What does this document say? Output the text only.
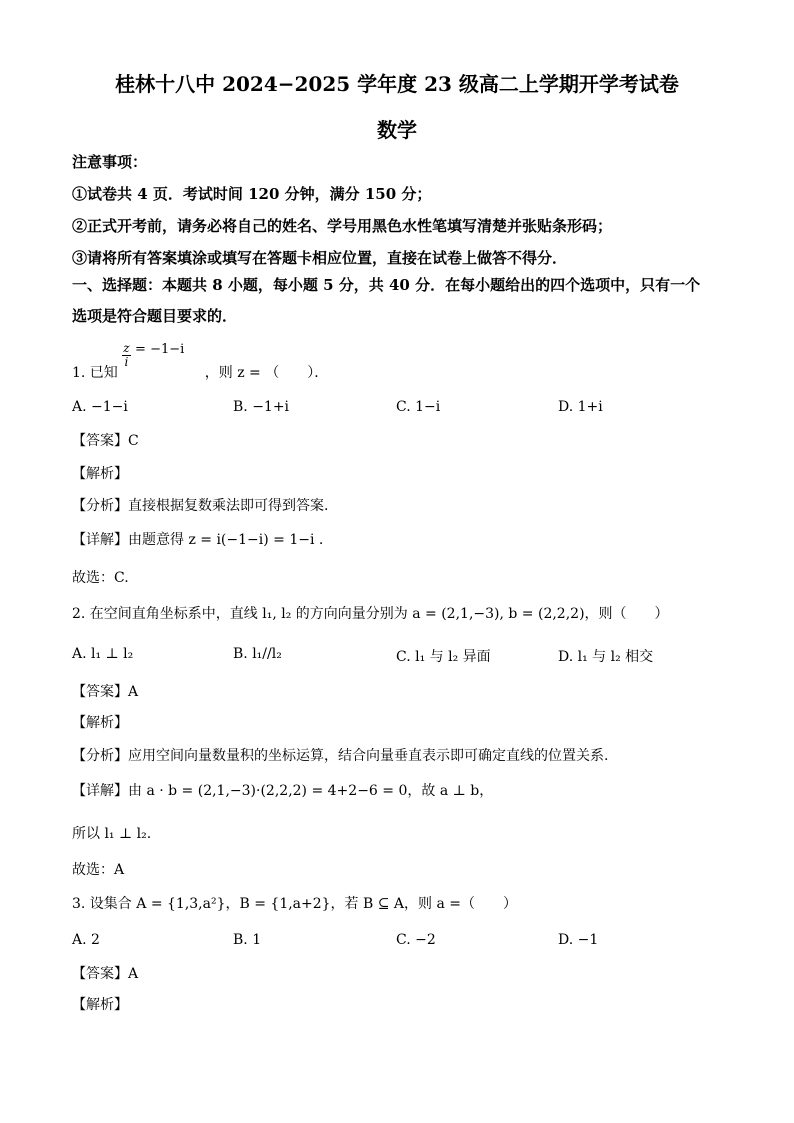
桂林十八中 2024−2025 学年度 23 级高二上学期开学考试卷
数学
注意事项：
①试卷共 4 页．考试时间 120 分钟，满分 150 分；
②正式开考前，请务必将自己的姓名、学号用黑色水性笔填写清楚并张贴条形码；
③请将所有答案填涂或填写在答题卡相应位置，直接在试卷上做答不得分．
一、选择题：本题共 8 小题，每小题 5 分，共 40 分．在每小题给出的四个选项中，只有一个
选项是符合题目要求的．
1. 已知
$\frac{z}{i} = -1-i$ ，则 z = （　　）．
A. −1−i	B. −1+i	C. 1−i	D. 1+i
【答案】C
【解析】
【分析】直接根据复数乘法即可得到答案.
【详解】由题意得 z = i(−1−i) = 1−i .
故选：C.
2. 在空间直角坐标系中，直线 l₁, l₂ 的方向向量分别为 a = (2,1,−3), b = (2,2,2)，则（　　）
A. l₁ ⊥ l₂	B. l₁//l₂	C. l₁ 与 l₂ 异面	D. l₁ 与 l₂ 相交
【答案】A
【解析】
【分析】应用空间向量数量积的坐标运算，结合向量垂直表示即可确定直线的位置关系.
【详解】由 a · b = (2,1,−3)·(2,2,2) = 4+2−6 = 0，故 a ⊥ b，
所以 l₁ ⊥ l₂.
故选：A
3. 设集合 A = {1,3,a²}，B = {1,a+2}，若 B ⊆ A，则 a =（　　）
A. 2	B. 1	C. −2	D. −1
【答案】A
【解析】
